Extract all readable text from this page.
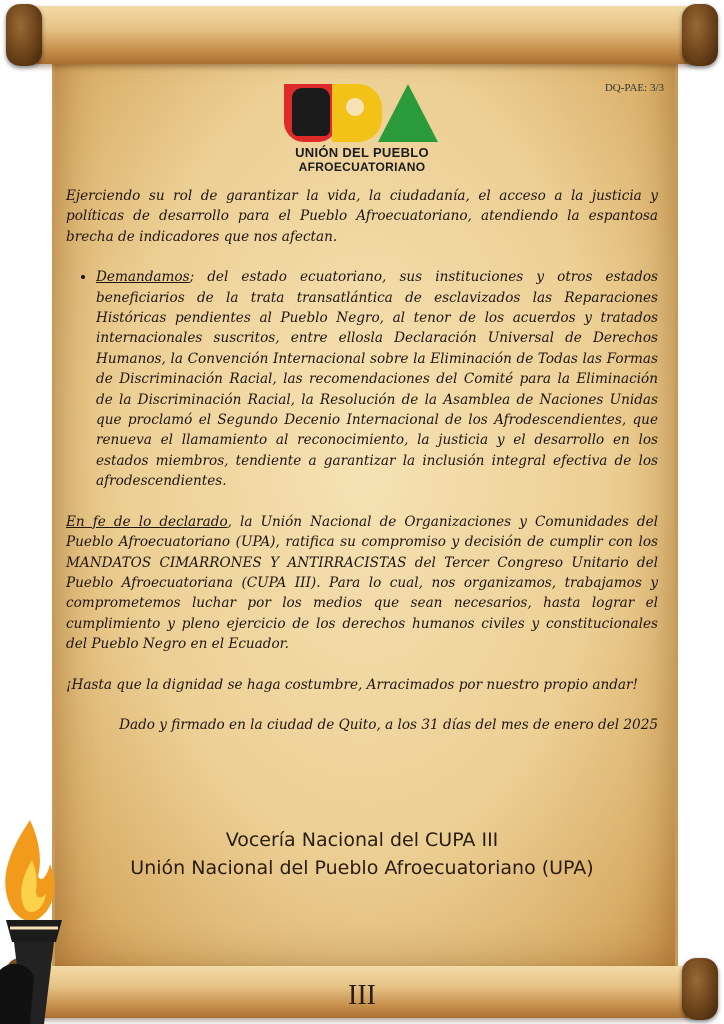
DQ-PAE: 3/3
UNIÓN DEL PUEBLO
AFROECUATORIANO

Ejerciendo su rol de garantizar la vida, la ciudadanía, el acceso a la justicia y políticas de desarrollo para el Pueblo Afroecuatoriano, atendiendo la espantosa brecha de indicadores que nos afectan.

• Demandamos; del estado ecuatoriano, sus instituciones y otros estados beneficiarios de la trata transatlántica de esclavizados las Reparaciones Históricas pendientes al Pueblo Negro, al tenor de los acuerdos y tratados internacionales suscritos, entre ellosla Declaración Universal de Derechos Humanos, la Convención Internacional sobre la Eliminación de Todas las Formas de Discriminación Racial, las recomendaciones del Comité para la Eliminación de la Discriminación Racial, la Resolución de la Asamblea de Naciones Unidas que proclamó el Segundo Decenio Internacional de los Afrodescendientes, que renueva el llamamiento al reconocimiento, la justicia y el desarrollo en los estados miembros, tendiente a garantizar la inclusión integral efectiva de los afrodescendientes.

En fe de lo declarado, la Unión Nacional de Organizaciones y Comunidades del Pueblo Afroecuatoriano (UPA), ratifica su compromiso y decisión de cumplir con los MANDATOS CIMARRONES Y ANTIRRACISTAS del Tercer Congreso Unitario del Pueblo Afroecuatoriana (CUPA III). Para lo cual, nos organizamos, trabajamos y comprometemos luchar por los medios que sean necesarios, hasta lograr el cumplimiento y pleno ejercicio de los derechos humanos civiles y constitucionales del Pueblo Negro en el Ecuador.

¡Hasta que la dignidad se haga costumbre, Arracimados por nuestro propio andar!

Dado y firmado en la ciudad de Quito, a los 31 días del mes de enero del 2025

Vocería Nacional del CUPA III
Unión Nacional del Pueblo Afroecuatoriano (UPA)
III
